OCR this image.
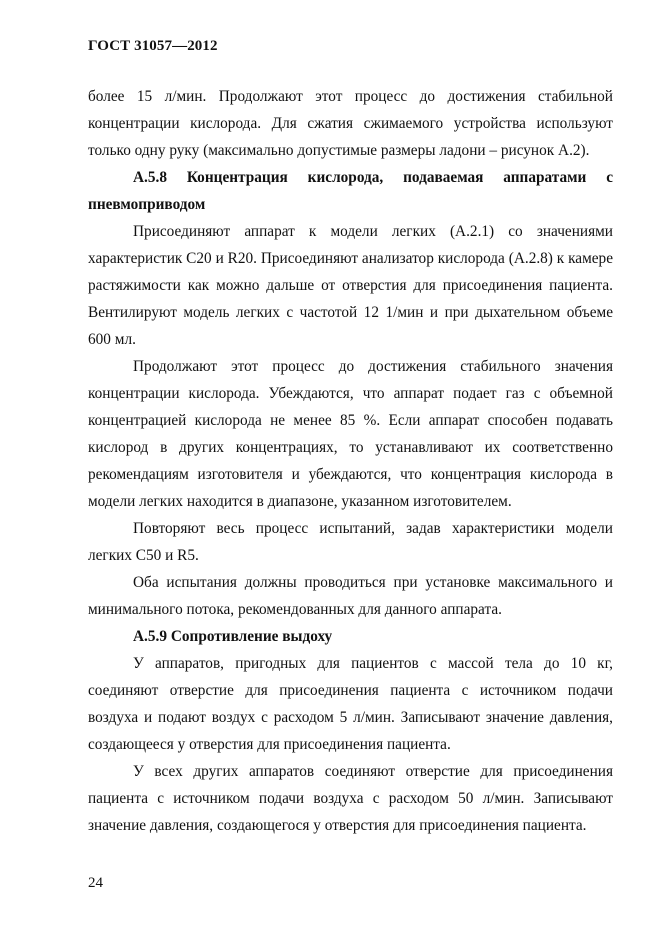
ГОСТ 31057—2012

более 15 л/мин. Продолжают этот процесс до достижения стабильной концентрации кислорода. Для сжатия сжимаемого устройства используют только одну руку (максимально допустимые размеры ладони – рисунок А.2).

А.5.8 Концентрация кислорода, подаваемая аппаратами с пневмоприводом

Присоединяют аппарат к модели легких (А.2.1) со значениями характеристик C20 и R20. Присоединяют анализатор кислорода (А.2.8) к камере растяжимости как можно дальше от отверстия для присоединения пациента. Вентилируют модель легких с частотой 12 1/мин и при дыхательном объеме 600 мл.

Продолжают этот процесс до достижения стабильного значения концентрации кислорода. Убеждаются, что аппарат подает газ с объемной концентрацией кислорода не менее 85 %. Если аппарат способен подавать кислород в других концентрациях, то устанавливают их соответственно рекомендациям изготовителя и убеждаются, что концентрация кислорода в модели легких находится в диапазоне, указанном изготовителем.

Повторяют весь процесс испытаний, задав характеристики модели легких C50 и R5.

Оба испытания должны проводиться при установке максимального и минимального потока, рекомендованных для данного аппарата.

А.5.9 Сопротивление выдоху

У аппаратов, пригодных для пациентов с массой тела до 10 кг, соединяют отверстие для присоединения пациента с источником подачи воздуха и подают воздух с расходом 5 л/мин. Записывают значение давления, создающееся у отверстия для присоединения пациента.

У всех других аппаратов соединяют отверстие для присоединения пациента с источником подачи воздуха с расходом 50 л/мин. Записывают значение давления, создающегося у отверстия для присоединения пациента.

24
